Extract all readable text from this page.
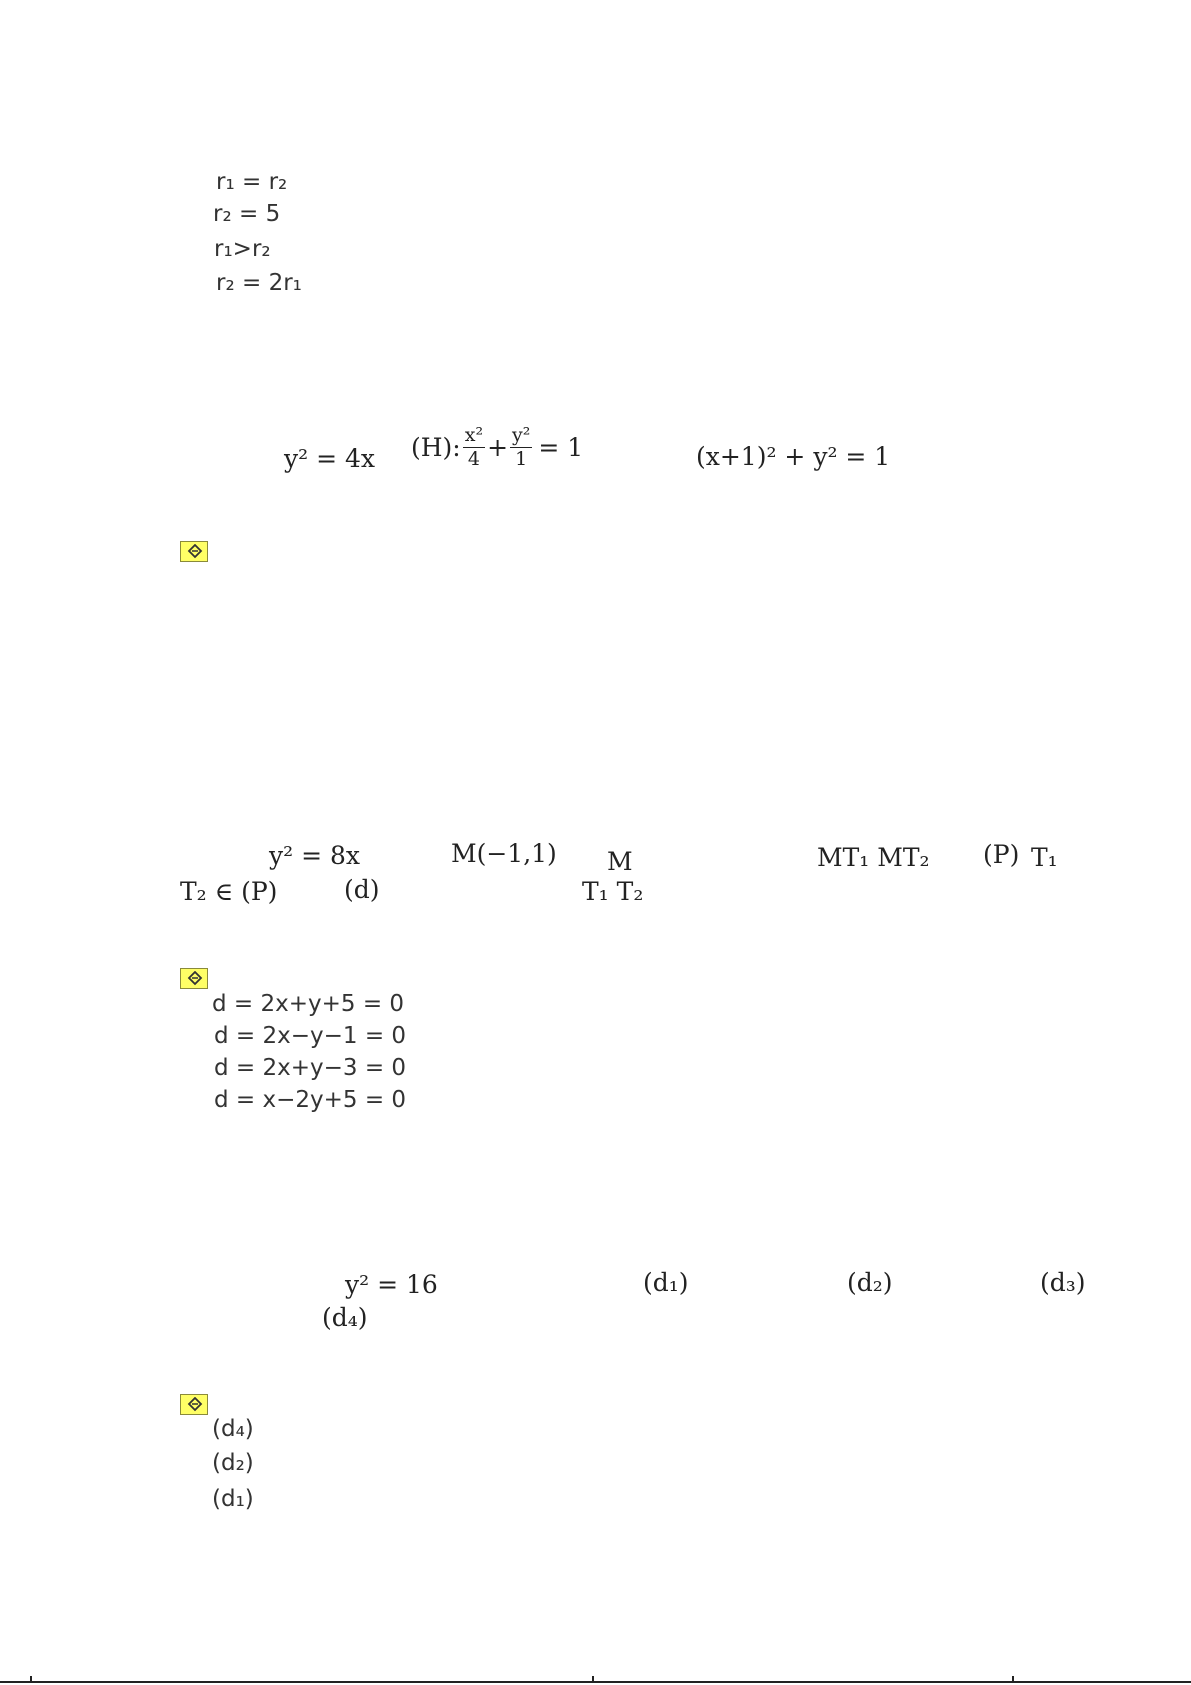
r₁ = r₂
r₂ = 5
r₁>r₂
r₂ = 2r₁
y² = 4x (H): $\frac{\text{x²}}{4} + \frac{\text{y²}}{1} = 1$	(x+1)² + y² = 1
y² = 8x	M(−1,1) M	MT₁ MT₂ (P) T₁
T₂ ∈ (P)	(d)	T₁ T₂
d = 2x+y+5 = 0
d = 2x−y−1 = 0
d = 2x+y−3 = 0
d = x−2y+5 = 0
y² = 16	(d₁)	(d₂)	(d₃)
(d₄)
(d₄)
(d₂)
(d₁)
